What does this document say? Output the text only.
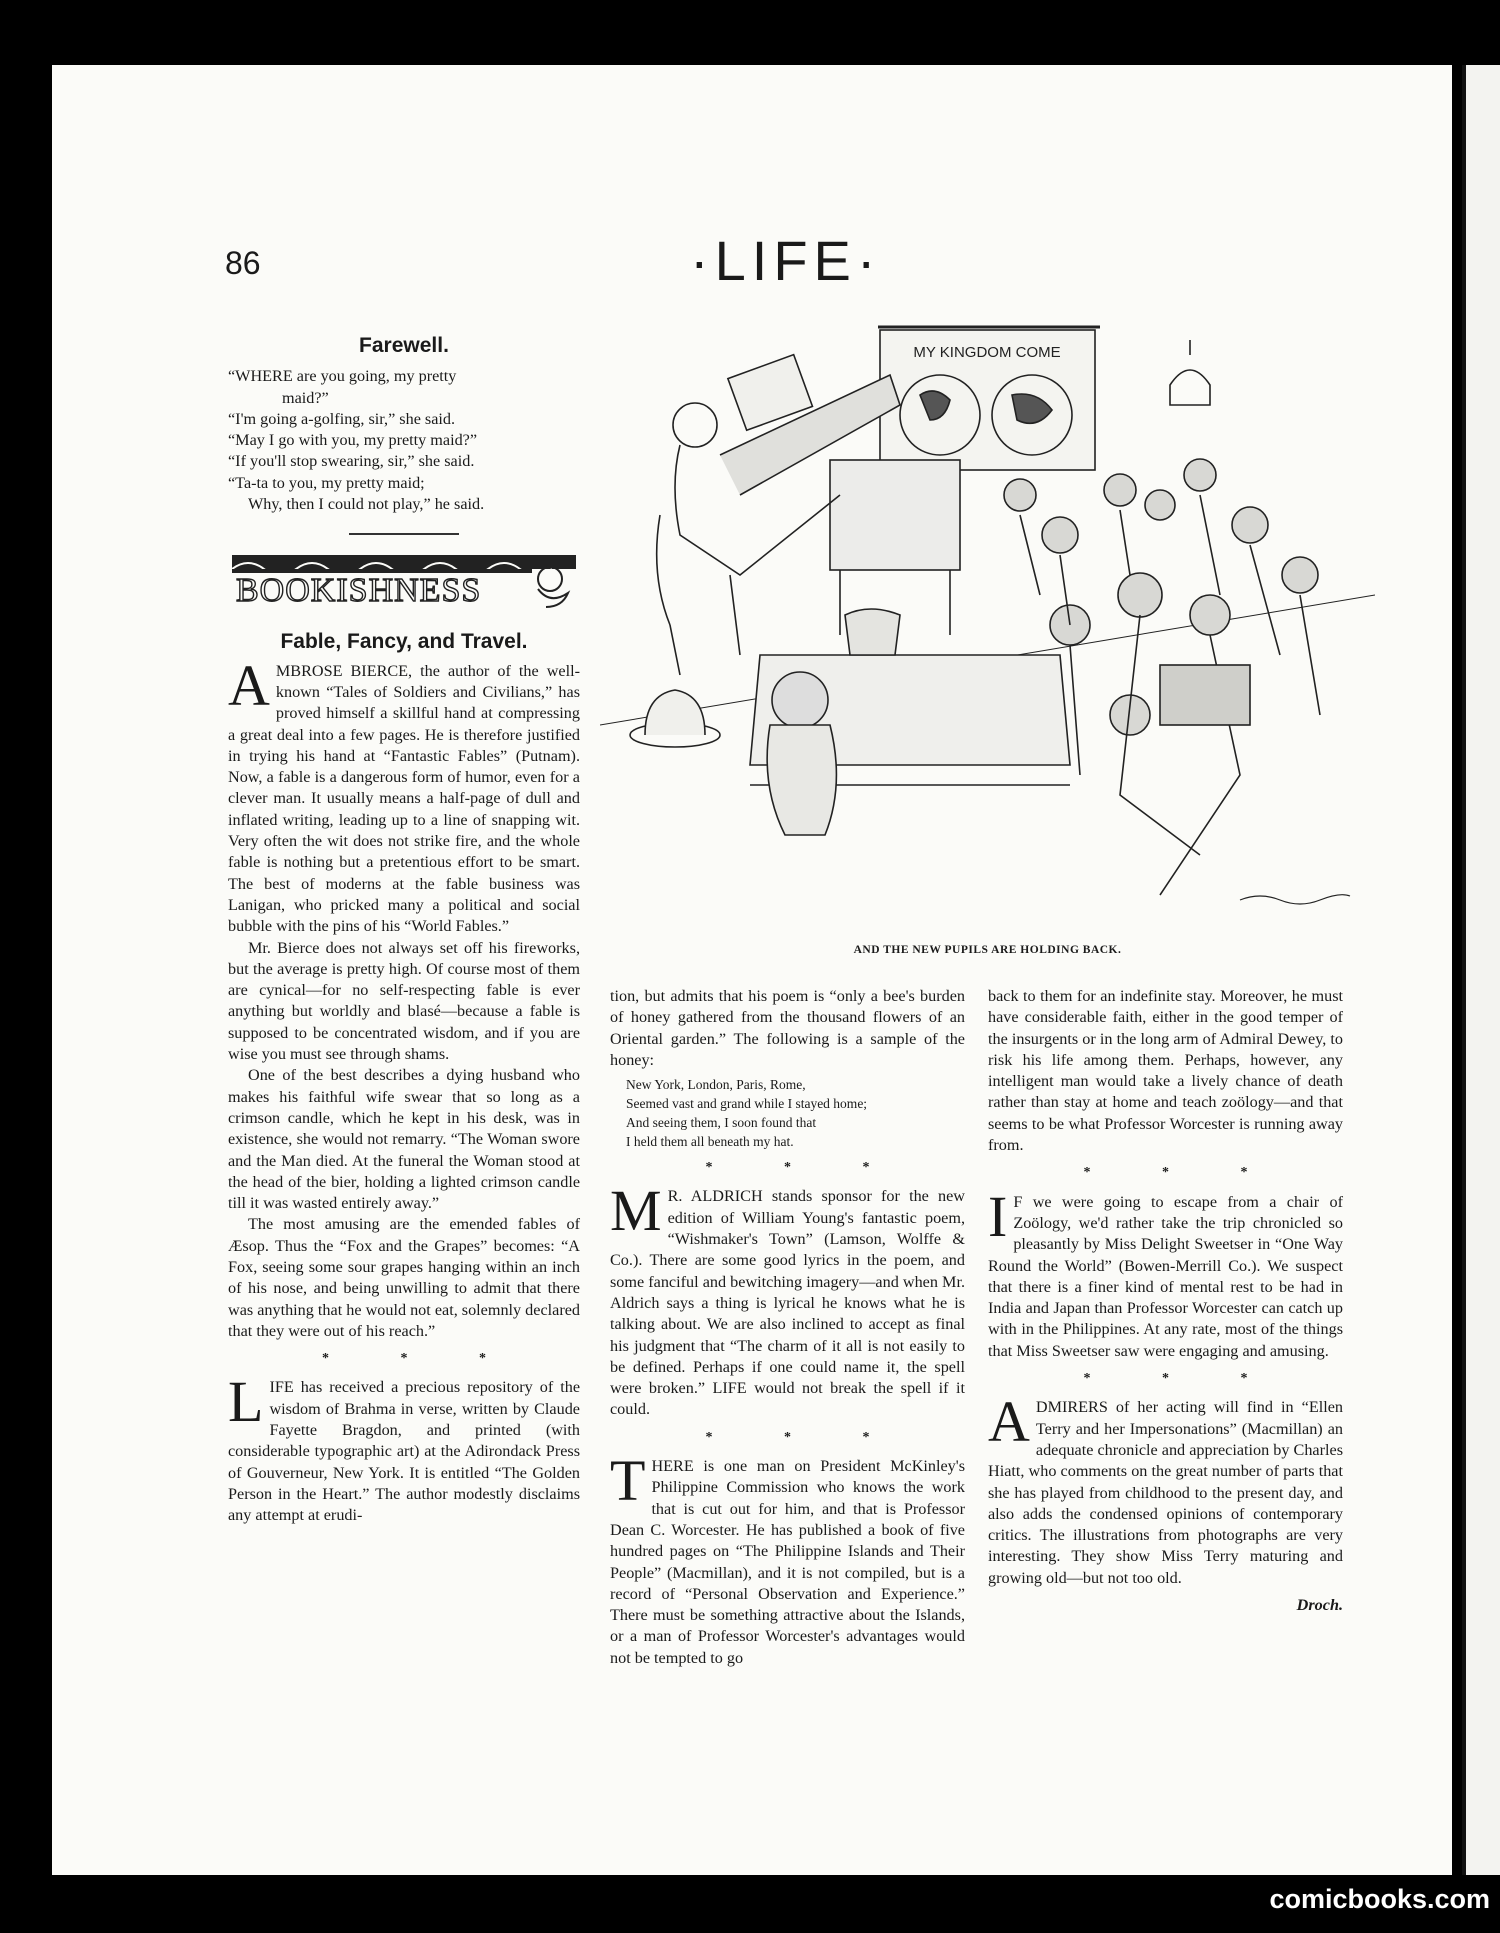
86	·LIFE·
Farewell.
“WHERE are you going, my pretty
maid?”
“I'm going a-golfing, sir,” she said.
“May I go with you, my pretty maid?”
“If you'll stop swearing, sir,” she said.
“Ta-ta to you, my pretty maid;
Why, then I could not play,” he said.
BOOKISHNESS
Fable, Fancy, and Travel.

AMBROSE BIERCE, the author of the well-known “Tales of Soldiers and Civilians,” has proved himself a skillful hand at compressing a great deal into a few pages. He is therefore justified in trying his hand at “Fantastic Fables” (Putnam). Now, a fable is a dangerous form of humor, even for a clever man. It usually means a half-page of dull and inflated writing, leading up to a line of snapping wit. Very often the wit does not strike fire, and the whole fable is nothing but a pretentious effort to be smart. The best of moderns at the fable business was Lanigan, who pricked many a political and social bubble with the pins of his “World Fables.”

Mr. Bierce does not always set off his fireworks, but the average is pretty high. Of course most of them are cynical—for no self-respecting fable is ever anything but worldly and blasé—because a fable is supposed to be concentrated wisdom, and if you are wise you must see through shams.

One of the best describes a dying husband who makes his faithful wife swear that so long as a crimson candle, which he kept in his desk, was in existence, she would not remarry. “The Woman swore and the Man died. At the funeral the Woman stood at the head of the bier, holding a lighted crimson candle till it was wasted entirely away.”

The most amusing are the emended fables of Æsop. Thus the “Fox and the Grapes” becomes: “A Fox, seeing some sour grapes hanging within an inch of his nose, and being unwilling to admit that there was anything that he would not eat, solemnly declared that they were out of his reach.”

* * *

LIFE has received a precious repository of the wisdom of Brahma in verse, written by Claude Fayette Bragdon, and printed (with considerable typographic art) at the Adirondack Press of Gouverneur, New York. It is entitled “The Golden Person in the Heart.” The author modestly disclaims any attempt at erudi-

MY KINGDOM COME
AND THE NEW PUPILS ARE HOLDING BACK.

tion, but admits that his poem is “only a bee's burden of honey gathered from the thousand flowers of an Oriental garden.” The following is a sample of the honey:

New York, London, Paris, Rome,
Seemed vast and grand while I stayed home;
And seeing them, I soon found that
I held them all beneath my hat.
* * *

M R. ALDRICH stands sponsor for the new edition of William Young's fantastic poem, “Wishmaker's Town” (Lamson, Wolffe & Co.). There are some good lyrics in the poem, and some fanciful and bewitching imagery—and when Mr. Aldrich says a thing is lyrical he knows what he is talking about. We are also inclined to accept as final his judgment that “The charm of it all is not easily to be defined. Perhaps if one could name it, the spell were broken.” LIFE would not break the spell if it could.

* * *

THERE is one man on President McKinley's Philippine Commission who knows the work that is cut out for him, and that is Professor Dean C. Worcester. He has published a book of five hundred pages on “The Philippine Islands and Their People” (Macmillan), and it is not compiled, but is a record of “Personal Observation and Experience.” There must be something attractive about the Islands, or a man of Professor Worcester's advantages would not be tempted to go

back to them for an indefinite stay. Moreover, he must have considerable faith, either in the good temper of the insurgents or in the long arm of Admiral Dewey, to risk his life among them. Perhaps, however, any intelligent man would take a lively chance of death rather than stay at home and teach zoölogy—and that seems to be what Professor Worcester is running away from.

* * *

I F we were going to escape from a chair of Zoölogy, we'd rather take the trip chronicled so pleasantly by Miss Delight Sweetser in “One Way Round the World” (Bowen-Merrill Co.). We suspect that there is a finer kind of mental rest to be had in India and Japan than Professor Worcester can catch up with in the Philippines. At any rate, most of the things that Miss Sweetser saw were engaging and amusing.

* * *

ADMIRERS of her acting will find in “Ellen Terry and her Impersonations” (Macmillan) an adequate chronicle and appreciation by Charles Hiatt, who comments on the great number of parts that she has played from childhood to the present day, and also adds the condensed opinions of contemporary critics. The illustrations from photographs are very interesting. They show Miss Terry maturing and growing old—but not too old.

Droch.
comicbooks.com
